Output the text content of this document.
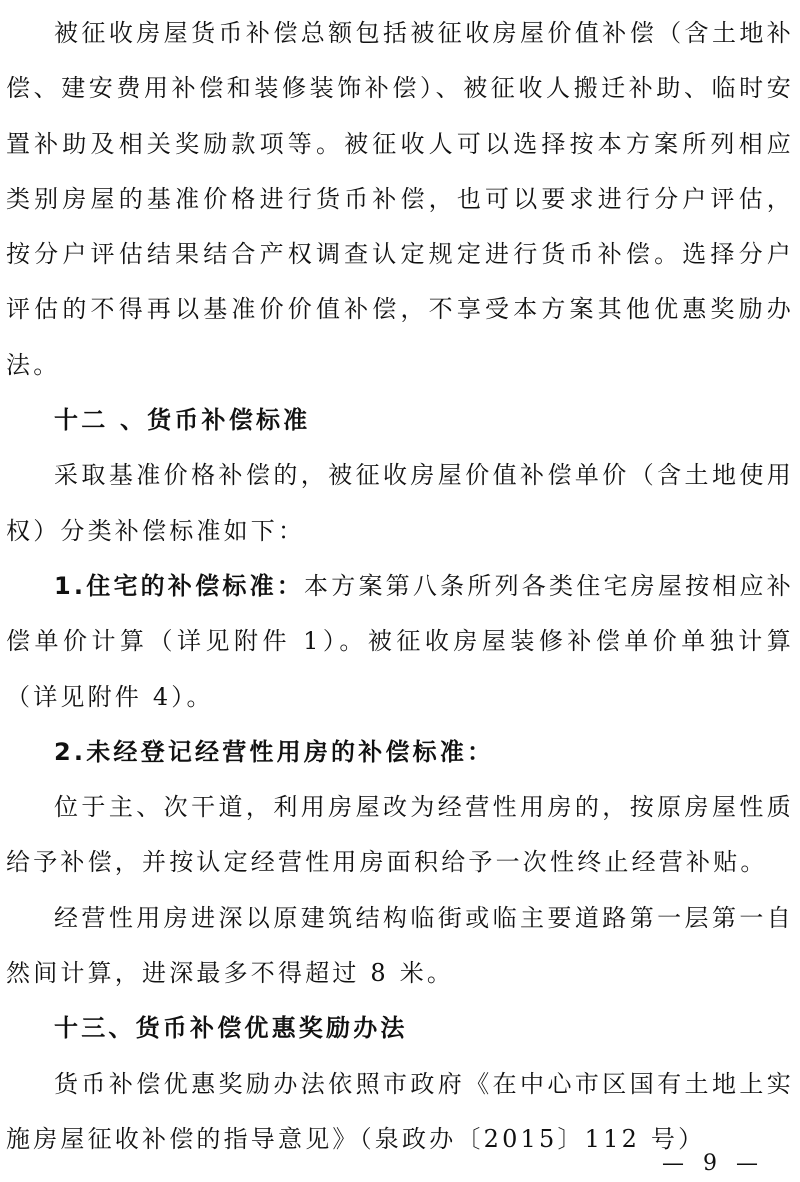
被征收房屋货币补偿总额包括被征收房屋价值补偿（含土地补偿、建安费用补偿和装修装饰补偿）、被征收人搬迁补助、临时安置补助及相关奖励款项等。被征收人可以选择按本方案所列相应类别房屋的基准价格进行货币补偿，也可以要求进行分户评估，按分户评估结果结合产权调查认定规定进行货币补偿。选择分户评估的不得再以基准价价值补偿，不享受本方案其他优惠奖励办法。

十二 、货币补偿标准

采取基准价格补偿的，被征收房屋价值补偿单价（含土地使用权）分类补偿标准如下：

1.住宅的补偿标准：本方案第八条所列各类住宅房屋按相应补偿单价计算（详见附件 1）。被征收房屋装修补偿单价单独计算（详见附件 4）。

2.未经登记经营性用房的补偿标准：

位于主、次干道，利用房屋改为经营性用房的，按原房屋性质给予补偿，并按认定经营性用房面积给予一次性终止经营补贴。

经营性用房进深以原建筑结构临街或临主要道路第一层第一自然间计算，进深最多不得超过 8 米。

十三、货币补偿优惠奖励办法

货币补偿优惠奖励办法依照市政府《在中心市区国有土地上实施房屋征收补偿的指导意见》（泉政办〔2015〕112 号）

— 9 —
